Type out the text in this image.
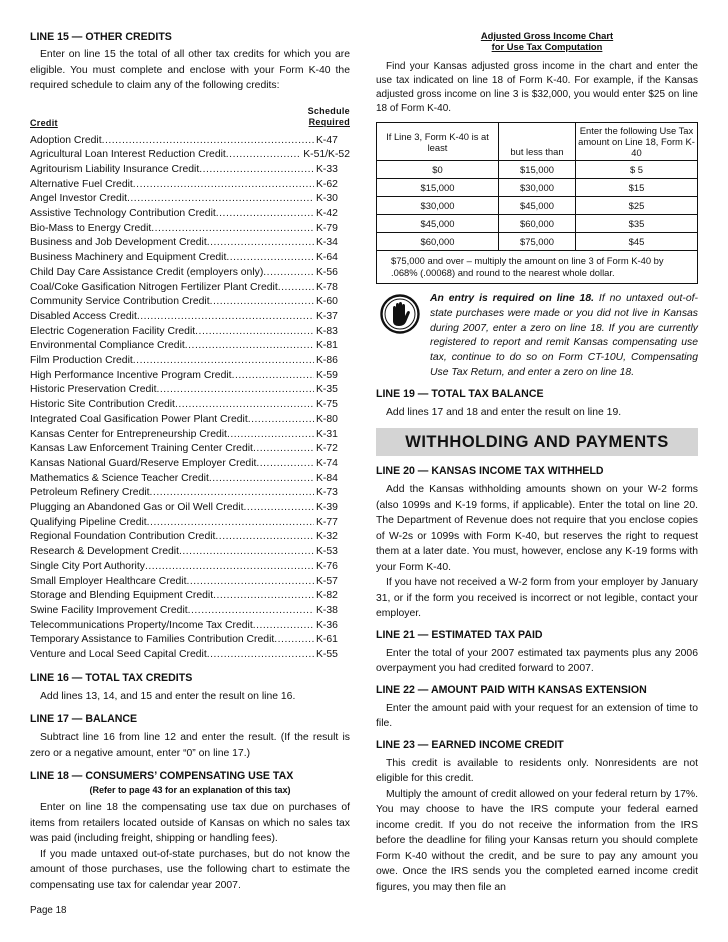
LINE 15 — OTHER CREDITS

Enter on line 15 the total of all other tax credits for which you are eligible. You must complete and enclose with your Form K-40 the required schedule to claim any of the following credits:

Credit
Schedule
Required
Adoption Credit .....	K-47
Agricultural Loan Interest Reduction Credit .....	K-51/K-52
Agritourism Liability Insurance Credit .....	K-33
Alternative Fuel Credit .....	K-62
Angel Investor Credit .....	K-30
Assistive Technology Contribution Credit .....	K-42
Bio-Mass to Energy Credit .....	K-79
Business and Job Development Credit .....	K-34
Business Machinery and Equipment Credit .....	K-64
Child Day Care Assistance Credit (employers only) .....	K-56
Coal/Coke Gasification Nitrogen Fertilizer Plant Credit .....	K-78
Community Service Contribution Credit .....	K-60
Disabled Access Credit .....	K-37
Electric Cogeneration Facility Credit .....	K-83
Environmental Compliance Credit .....	K-81
Film Production Credit .....	K-86
High Performance Incentive Program Credit .....	K-59
Historic Preservation Credit .....	K-35
Historic Site Contribution Credit .....	K-75
Integrated Coal Gasification Power Plant Credit .....	K-80
Kansas Center for Entrepreneurship Credit .....	K-31
Kansas Law Enforcement Training Center Credit .....	K-72
Kansas National Guard/Reserve Employer Credit .....	K-74
Mathematics & Science Teacher Credit .....	K-84
Petroleum Refinery Credit .....	K-73
Plugging an Abandoned Gas or Oil Well Credit .....	K-39
Qualifying Pipeline Credit .....	K-77
Regional Foundation Contribution Credit .....	K-32
Research & Development Credit .....	K-53
Single City Port Authority .....	K-76
Small Employer Healthcare Credit .....	K-57
Storage and Blending Equipment Credit .....	K-82
Swine Facility Improvement Credit .....	K-38
Telecommunications Property/Income Tax Credit .....	K-36
Temporary Assistance to Families Contribution Credit .....	K-61
Venture and Local Seed Capital Credit .....	K-55

LINE 16 — TOTAL TAX CREDITS

Add lines 13, 14, and 15 and enter the result on line 16.

LINE 17 — BALANCE

Subtract line 16 from line 12 and enter the result. (If the result is zero or a negative amount, enter “0” on line 17.)

LINE 18 — CONSUMERS’ COMPENSATING USE TAX

(Refer to page 43 for an explanation of this tax)

Enter on line 18 the compensating use tax due on purchases of items from retailers located outside of Kansas on which no sales tax was paid (including freight, shipping or handling fees).

If you made untaxed out-of-state purchases, but do not know the amount of those purchases, use the following chart to estimate the compensating use tax for calendar year 2007.

Adjusted Gross Income Chart

for Use Tax Computation

Find your Kansas adjusted gross income in the chart and enter the use tax indicated on line 18 of Form K-40. For example, if the Kansas adjusted gross income on line 3 is $32,000, you would enter $25 on line 18 of Form K-40.

If Line 3, Form K-40 is at least	but less than	Enter the following Use Tax amount on Line 18, Form K-40
$0	$15,000	$ 5
$15,000	$30,000	$15
$30,000	$45,000	$25
$45,000	$60,000	$35
$60,000	$75,000	$45
$75,000 and over – multiply the amount on line 3 of Form K-40 by .068% (.00068) and round to the nearest whole dollar.

An entry is required on line 18. If no untaxed out-of-state purchases were made or you did not live in Kansas during 2007, enter a zero on line 18. If you are currently registered to report and remit Kansas compensating use tax, continue to do so on Form CT-10U, Compensating Use Tax Return, and enter a zero on line 18.

LINE 19 — TOTAL TAX BALANCE

Add lines 17 and 18 and enter the result on line 19.

WITHHOLDING AND PAYMENTS

LINE 20 — KANSAS INCOME TAX WITHHELD

Add the Kansas withholding amounts shown on your W-2 forms (also 1099s and K-19 forms, if applicable). Enter the total on line 20. The Department of Revenue does not require that you enclose copies of W-2s or 1099s with Form K-40, but reserves the right to request them at a later date. You must, however, enclose any K-19 forms with your Form K-40.

If you have not received a W-2 form from your employer by January 31, or if the form you received is incorrect or not legible, contact your employer.

LINE 21 — ESTIMATED TAX PAID

Enter the total of your 2007 estimated tax payments plus any 2006 overpayment you had credited forward to 2007.

LINE 22 — AMOUNT PAID WITH KANSAS EXTENSION

Enter the amount paid with your request for an extension of time to file.

LINE 23 — EARNED INCOME CREDIT

This credit is available to residents only. Nonresidents are not eligible for this credit.

Multiply the amount of credit allowed on your federal return by 17%. You may choose to have the IRS compute your federal earned income credit. If you do not receive the information from the IRS before the deadline for filing your Kansas return you should complete Form K-40 without the credit, and be sure to pay any amount you owe. Once the IRS sends you the completed earned income credit figures, you may then file an

Page 18
